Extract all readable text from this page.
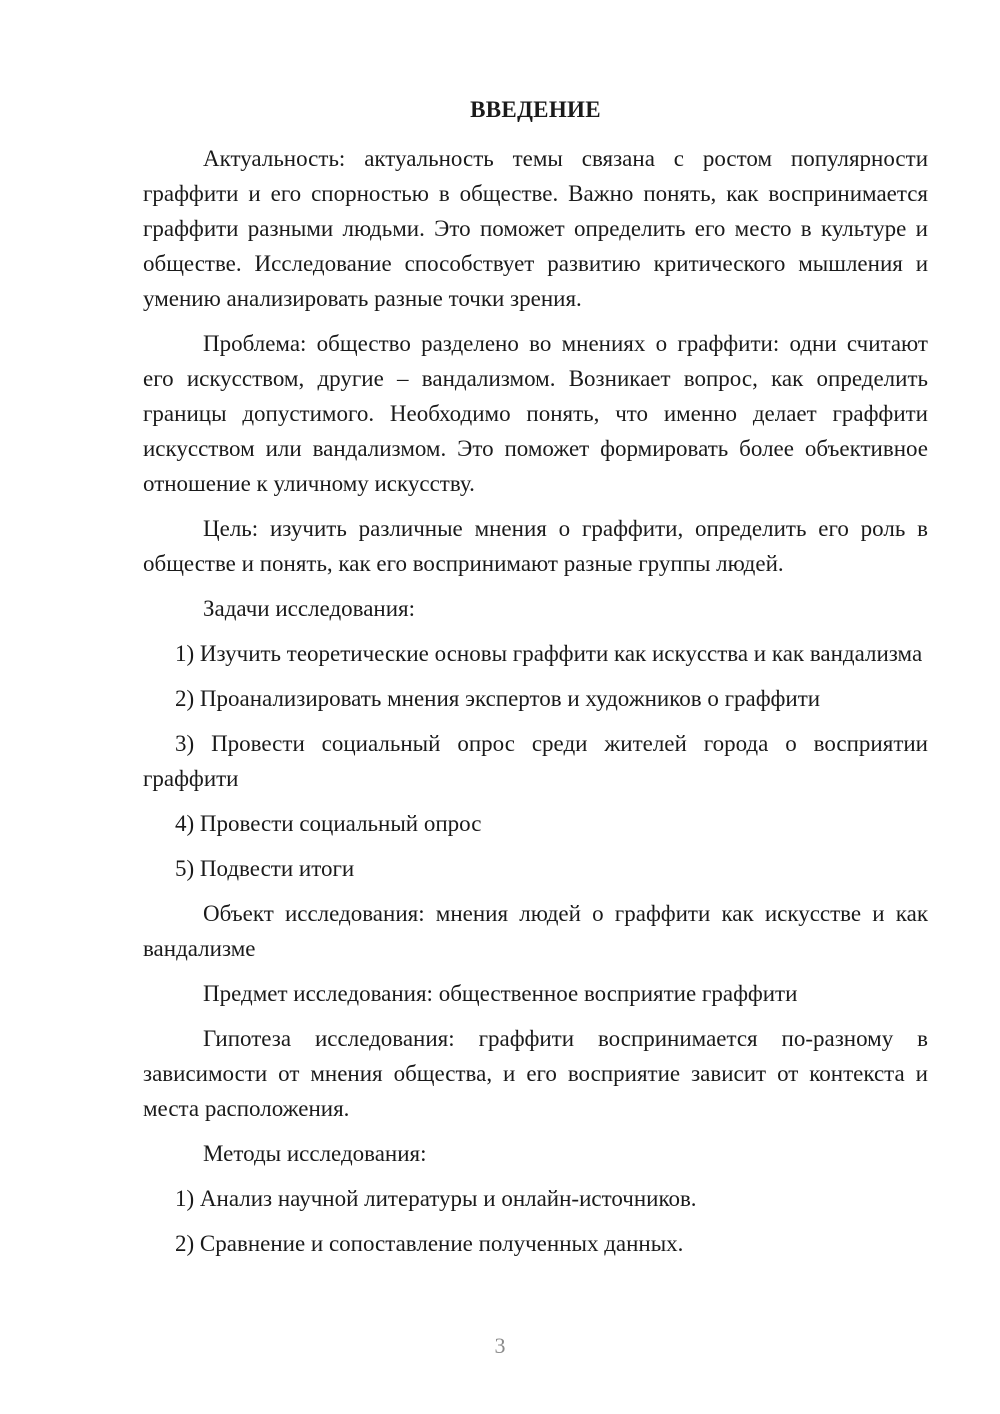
ВВЕДЕНИЕ

Актуальность: актуальность темы связана с ростом популярности граффити и его спорностью в обществе. Важно понять, как воспринимается граффити разными людьми. Это поможет определить его место в культуре и обществе. Исследование способствует развитию критического мышления и умению анализировать разные точки зрения.

Проблема: общество разделено во мнениях о граффити: одни считают его искусством, другие – вандализмом. Возникает вопрос, как определить границы допустимого. Необходимо понять, что именно делает граффити искусством или вандализмом. Это поможет формировать более объективное отношение к уличному искусству.

Цель: изучить различные мнения о граффити, определить его роль в обществе и понять, как его воспринимают разные группы людей.

Задачи исследования:

1) Изучить теоретические основы граффити как искусства и как вандализма

2) Проанализировать мнения экспертов и художников о граффити

3) Провести социальный опрос среди жителей города о восприятии граффити

4) Провести социальный опрос

5) Подвести итоги

Объект исследования: мнения людей о граффити как искусстве и как вандализме

Предмет исследования: общественное восприятие граффити

Гипотеза исследования: граффити воспринимается по-разному в зависимости от мнения общества, и его восприятие зависит от контекста и места расположения.

Методы исследования:

1) Анализ научной литературы и онлайн-источников.

2) Сравнение и сопоставление полученных данных.

3
